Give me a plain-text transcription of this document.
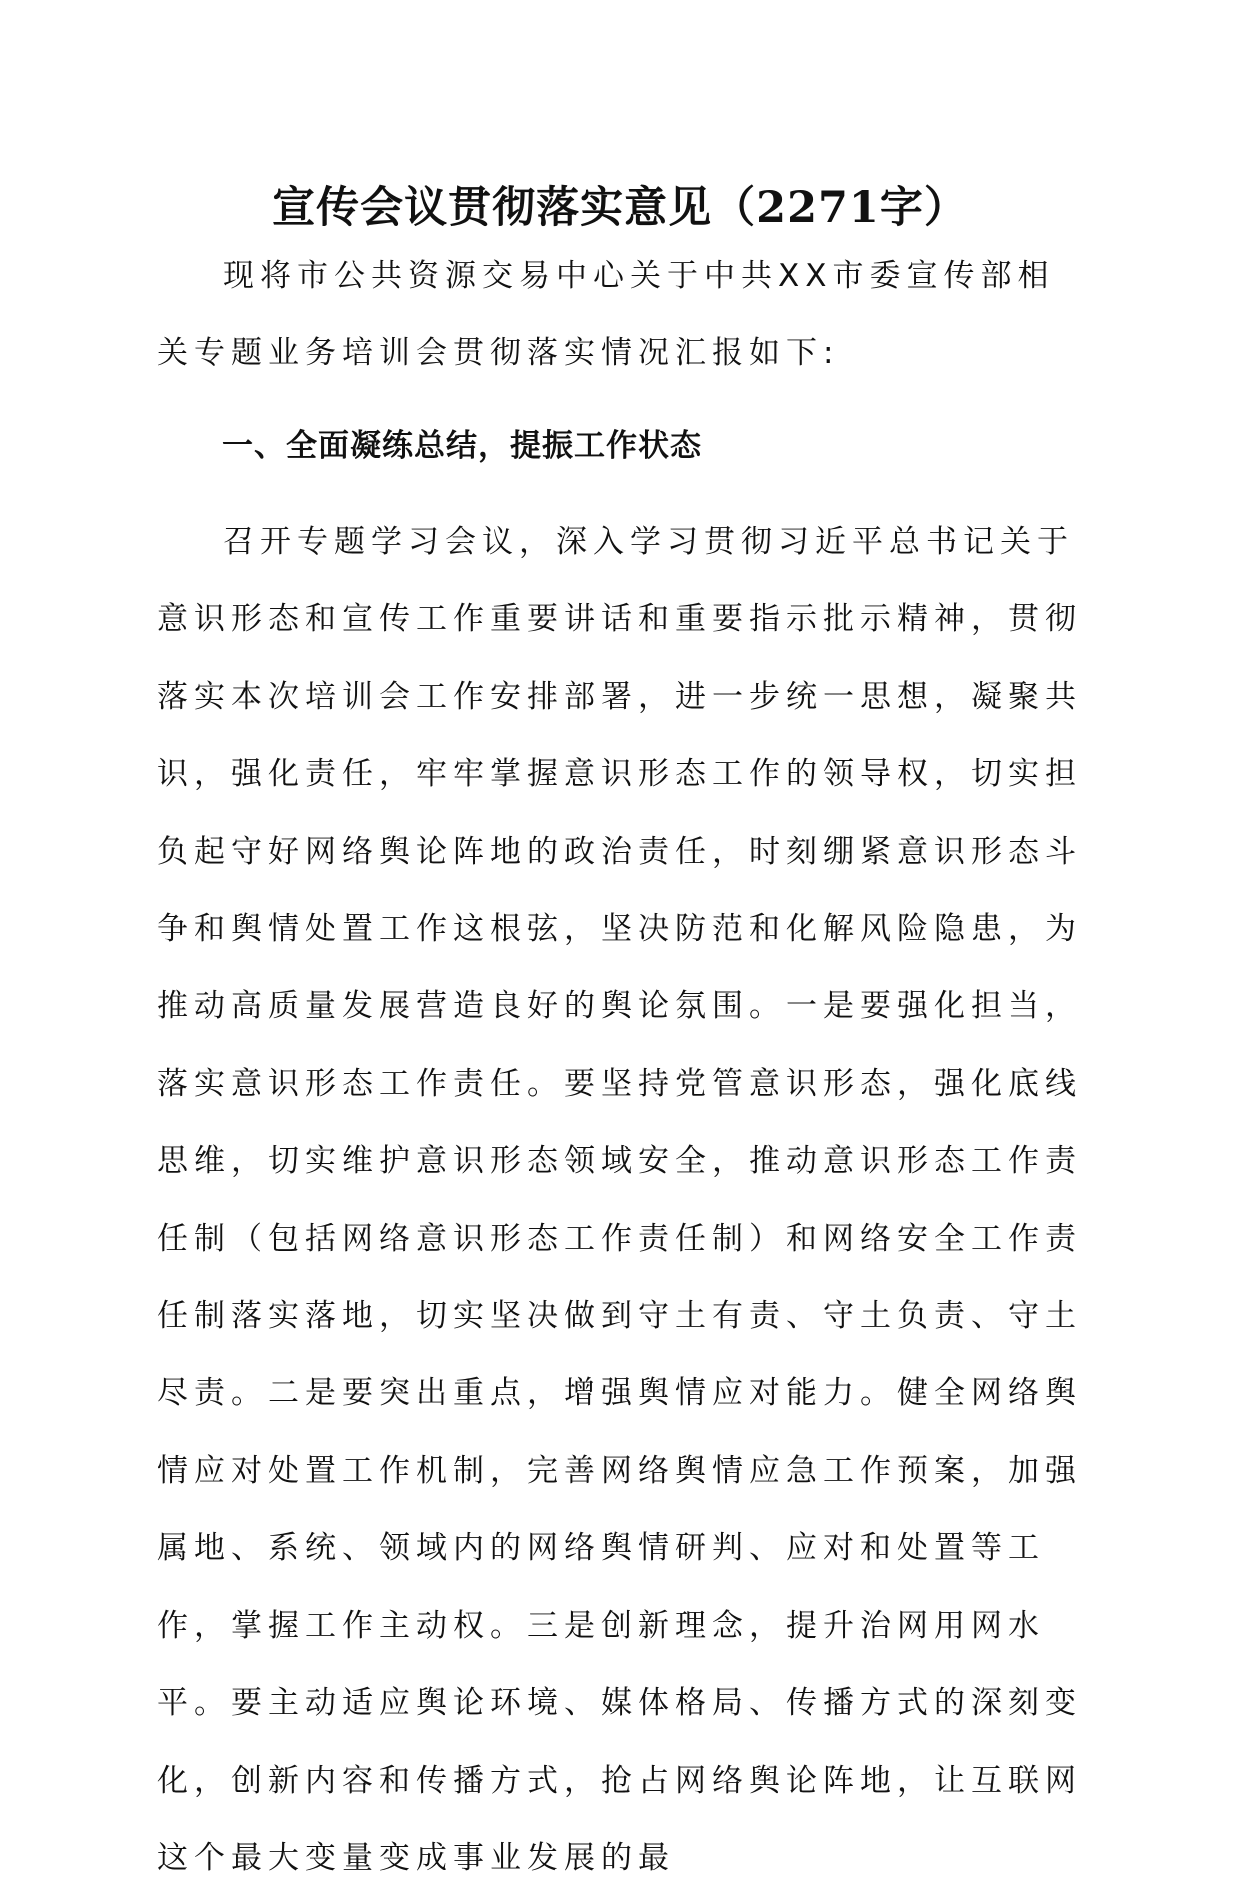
宣传会议贯彻落实意见（2271字）

现将市公共资源交易中心关于中共XX市委宣传部相关专题业务培训会贯彻落实情况汇报如下:

一、全面凝练总结，提振工作状态

召开专题学习会议，深入学习贯彻习近平总书记关于意识形态和宣传工作重要讲话和重要指示批示精神，贯彻落实本次培训会工作安排部署，进一步统一思想，凝聚共识，强化责任，牢牢掌握意识形态工作的领导权，切实担负起守好网络舆论阵地的政治责任，时刻绷紧意识形态斗争和舆情处置工作这根弦，坚决防范和化解风险隐患，为推动高质量发展营造良好的舆论氛围。一是要强化担当，落实意识形态工作责任。要坚持党管意识形态，强化底线思维，切实维护意识形态领域安全，推动意识形态工作责任制（包括网络意识形态工作责任制）和网络安全工作责任制落实落地，切实坚决做到守土有责、守土负责、守土尽责。二是要突出重点，增强舆情应对能力。健全网络舆情应对处置工作机制，完善网络舆情应急工作预案，加强属地、系统、领域内的网络舆情研判、应对和处置等工作，掌握工作主动权。三是创新理念，提升治网用网水平。要主动适应舆论环境、媒体格局、传播方式的深刻变化，创新内容和传播方式，抢占网络舆论阵地，让互联网这个最大变量变成事业发展的最
